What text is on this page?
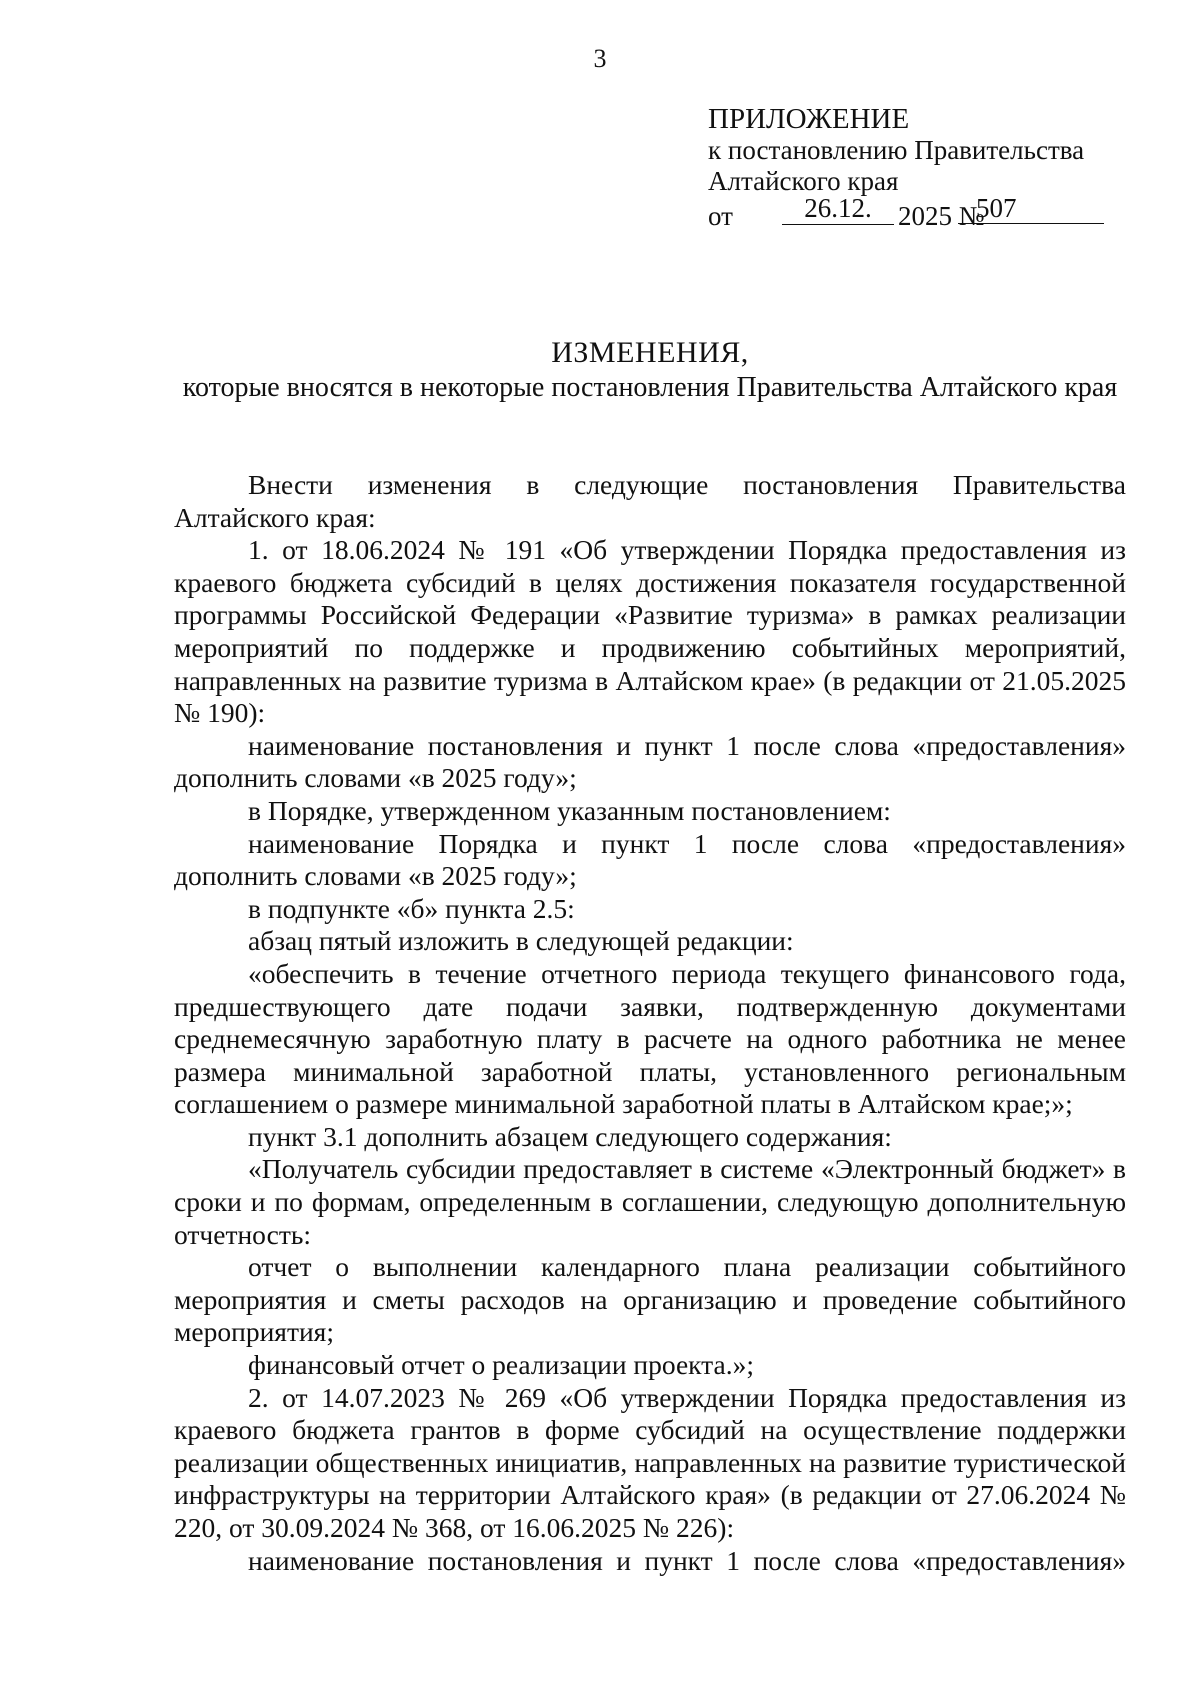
3
ПРИЛОЖЕНИЕ
к постановлению Правительства
Алтайского края
от	26.12. 2025 №
507
ИЗМЕНЕНИЯ,
которые вносятся в некоторые постановления Правительства Алтайского края

Внести изменения в следующие постановления Правительства Алтайского края:

1. от 18.06.2024 № 191 «Об утверждении Порядка предоставления из краевого бюджета субсидий в целях достижения показателя государственной программы Российской Федерации «Развитие туризма» в рамках реализации мероприятий по поддержке и продвижению событийных мероприятий, направленных на развитие туризма в Алтайском крае» (в редакции от 21.05.2025 № 190):

наименование постановления и пункт 1 после слова «предоставления» дополнить словами «в 2025 году»;

в Порядке, утвержденном указанным постановлением:

наименование Порядка и пункт 1 после слова «предоставления» дополнить словами «в 2025 году»;

в подпункте «б» пункта 2.5:

абзац пятый изложить в следующей редакции:

«обеспечить в течение отчетного периода текущего финансового года, предшествующего дате подачи заявки, подтвержденную документами среднемесячную заработную плату в расчете на одного работника не менее размера минимальной заработной платы, установленного региональным соглашением о размере минимальной заработной платы в Алтайском крае;»;

пункт 3.1 дополнить абзацем следующего содержания:

«Получатель субсидии предоставляет в системе «Электронный бюджет» в сроки и по формам, определенным в соглашении, следующую дополнительную отчетность:

отчет о выполнении календарного плана реализации событийного мероприятия и сметы расходов на организацию и проведение событийного мероприятия;

финансовый отчет о реализации проекта.»;

2. от 14.07.2023 № 269 «Об утверждении Порядка предоставления из краевого бюджета грантов в форме субсидий на осуществление поддержки реализации общественных инициатив, направленных на развитие туристической инфраструктуры на территории Алтайского края» (в редакции от 27.06.2024 № 220, от 30.09.2024 № 368, от 16.06.2025 № 226):

наименование постановления и пункт 1 после слова «предоставления»
